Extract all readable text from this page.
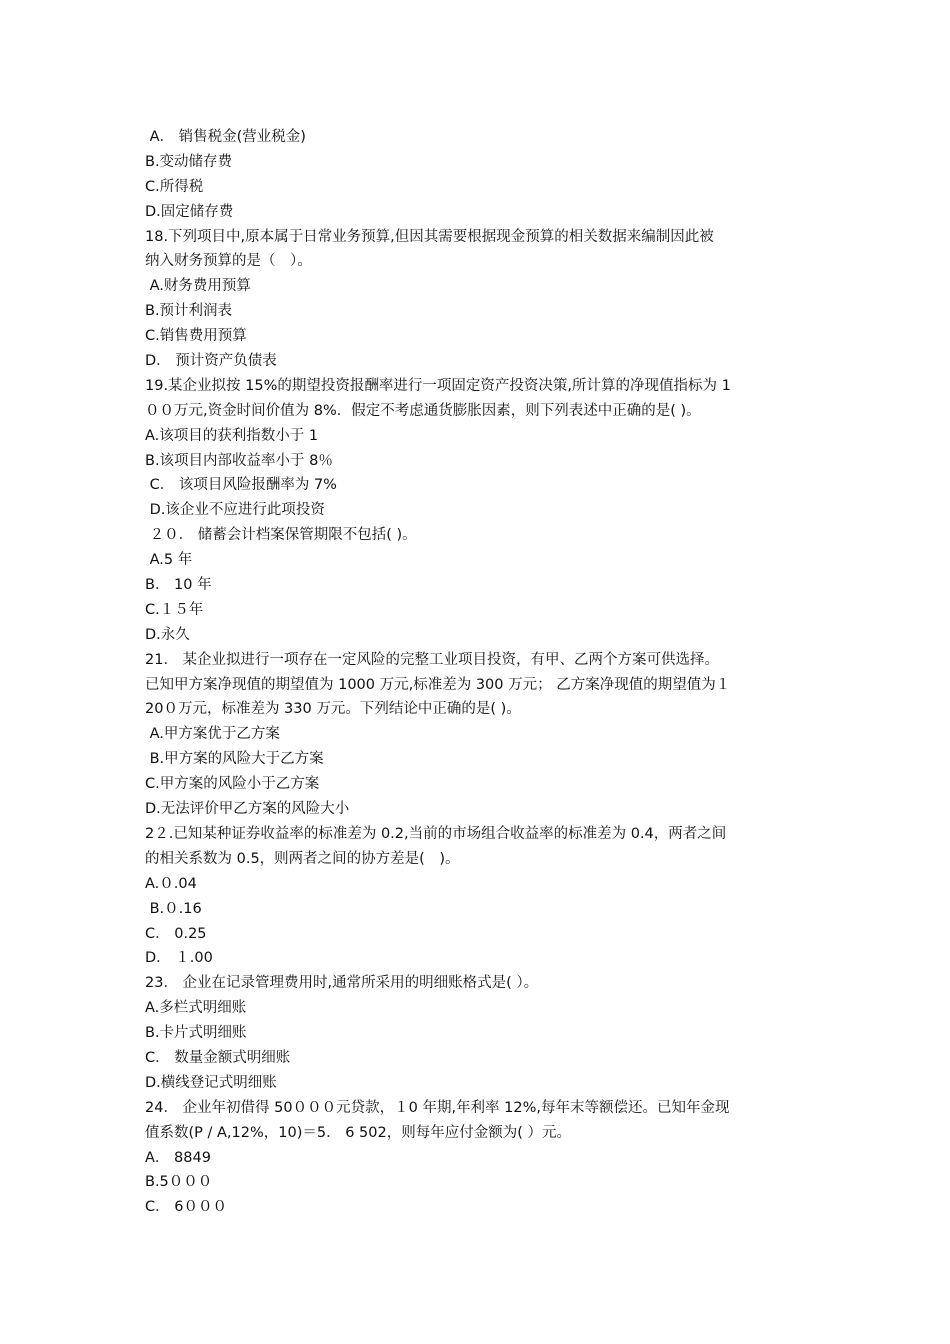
A． 销售税金(营业税金)
B.变动储存费
C.所得税
D.固定储存费
18.下列项目中,原本属于日常业务预算,但因其需要根据现金预算的相关数据来编制因此被
纳入财务预算的是（　）。
A.财务费用预算
B.预计利润表
C.销售费用预算
D． 预计资产负债表
19.某企业拟按 15%的期望投资报酬率进行一项固定资产投资决策,所计算的净现值指标为 1
００万元,资金时间价值为 8%．假定不考虑通货膨胀因素，则下列表述中正确的是( )。
A.该项目的获利指数小于 1
B.该项目内部收益率小于 8％
C． 该项目风险报酬率为 7%
D.该企业不应进行此项投资
２０． 储蓄会计档案保管期限不包括( )。
A.5 年
B． 10 年
C.１５年
D.永久
21． 某企业拟进行一项存在一定风险的完整工业项目投资，有甲、乙两个方案可供选择。
已知甲方案净现值的期望值为 1000 万元,标准差为 300 万元； 乙方案净现值的期望值为１
20０万元，标准差为 330 万元。下列结论中正确的是( )。
A.甲方案优于乙方案
B.甲方案的风险大于乙方案
C.甲方案的风险小于乙方案
D.无法评价甲乙方案的风险大小
2２.已知某种证券收益率的标准差为 0.2,当前的市场组合收益率的标准差为 0.4，两者之间
的相关系数为 0.5，则两者之间的协方差是(　)。
A.０.04
B.０.16
C． 0.25
D． １.00
23． 企业在记录管理费用时,通常所采用的明细账格式是( ）。
A.多栏式明细账
B.卡片式明细账
C． 数量金额式明细账
D.横线登记式明细账
24． 企业年初借得 50０００元贷款，１0 年期,年利率 12%,每年末等额偿还。已知年金现
值系数(P / A,12%，10)＝5． 6 502，则每年应付金额为( ）元。
A． 8849
B.5０００
C． 6０００
